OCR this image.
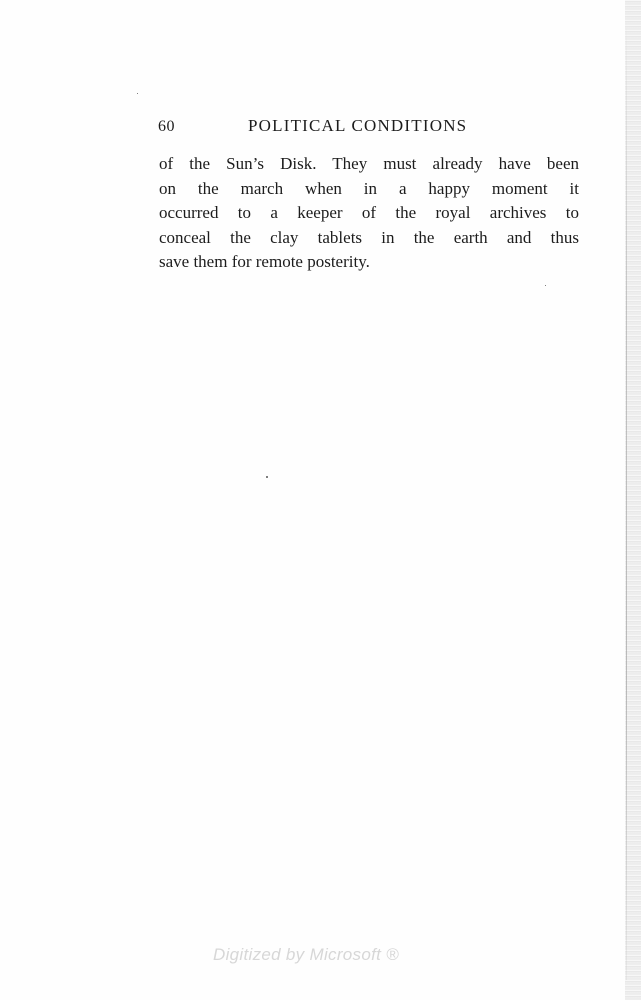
60	POLITICAL CONDITIONS
of the Sun’s Disk. They must already have been
on the march when in a happy moment it
occurred to a keeper of the royal archives to
conceal the clay tablets in the earth and thus
save them for remote posterity.
Digitized by Microsoft ®
